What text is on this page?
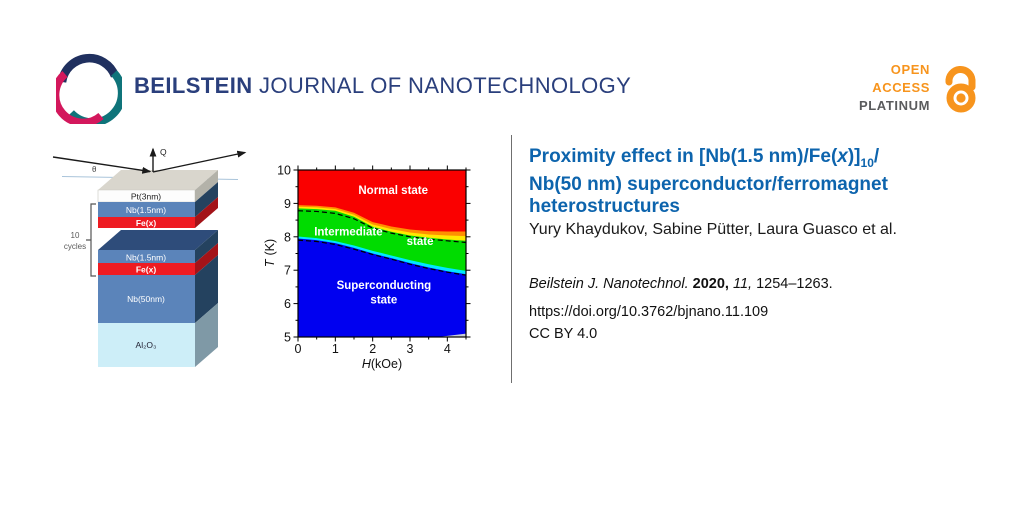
BEILSTEIN JOURNAL OF NANOTECHNOLOGY
OPEN
ACCESS
PLATINUM
Q
θ
Pt(3nm)
Nb(1.5nm)
Fe(x)
Nb(1.5nm)
Fe(x)
Nb(50nm)
Al₂O₃
10
cycles
H(kOe)
T(K)
0 1 2 3 4
5
6
7
8
9
10
Normal state
Intermediate
state
Superconducting
state
Proximity effect in [Nb(1.5 $nm)/Fe(x)]_{10}/$
Nb(50 nm) superconductor/ferromagnet heterostructures
Yury Khaydukov, Sabine Pütter, Laura Guasco et al.
Beilstein J. Nanotechnol. 2020, 11, 1254–1263.
https://doi.org/10.3762/bjnano.11.109
CC BY 4.0
